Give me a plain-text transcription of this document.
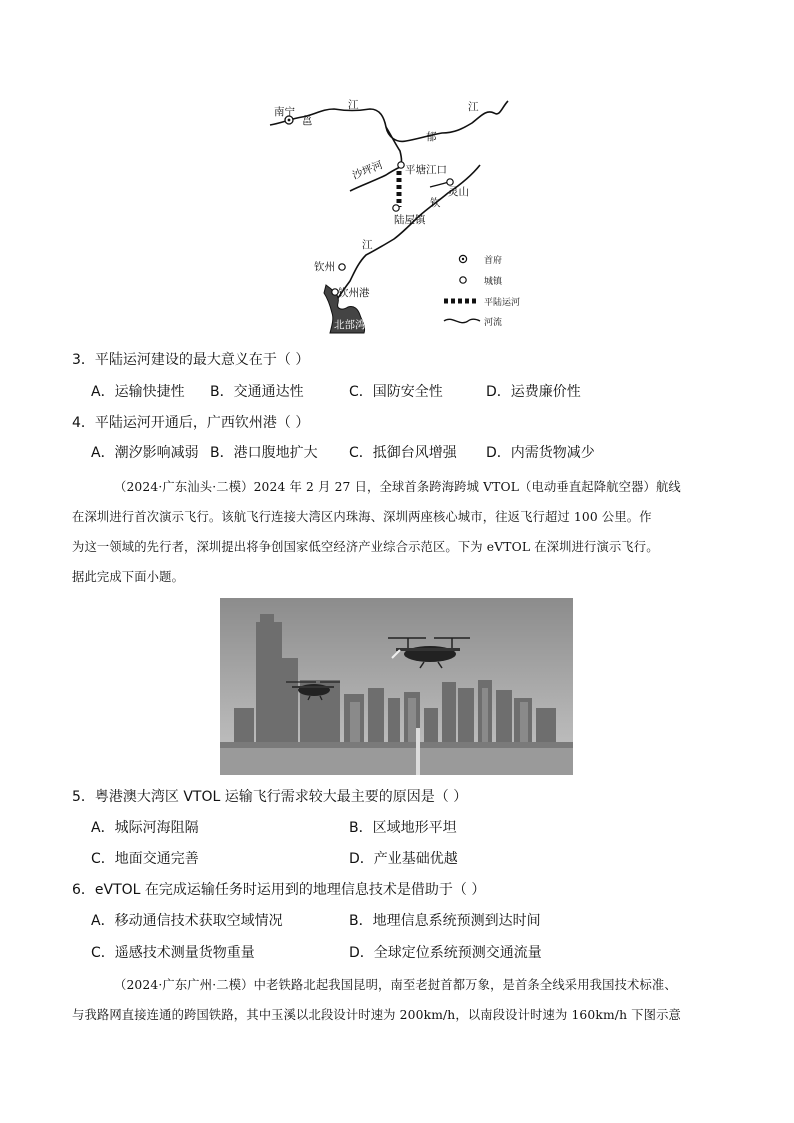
南宁
邕
江	江
郁
沙坪河 平塘江口
灵山
钦
陆屋镇
江
钦州
钦州港
北部湾
首府
城镇
平陆运河
河流
3．平陆运河建设的最大意义在于（ ）
A．运输快捷性 B．交通通达性	C．国防安全性	D．运费廉价性
4．平陆运河开通后，广西钦州港（ ）
A．潮汐影响减弱 B．港口腹地扩大 C．抵御台风增强 D．内需货物减少

（2024·广东汕头·二模）2024 年 2 月 27 日，全球首条跨海跨城 VTOL（电动垂直起降航空器）航线

在深圳进行首次演示飞行。该航飞行连接大湾区内珠海、深圳两座核心城市，往返飞行超过 100 公里。作

为这一领域的先行者，深圳提出将争创国家低空经济产业综合示范区。下为 eVTOL 在深圳进行演示飞行。

据此完成下面小题。

5．粤港澳大湾区 VTOL 运输飞行需求较大最主要的原因是（ ）
A．城际河海阻隔	B．区域地形平坦
C．地面交通完善	D．产业基础优越
6．eVTOL 在完成运输任务时运用到的地理信息技术是借助于（ ）
A．移动通信技术获取空域情况	B．地理信息系统预测到达时间
C．遥感技术测量货物重量	D．全球定位系统预测交通流量

（2024·广东广州·二模）中老铁路北起我国昆明，南至老挝首都万象，是首条全线采用我国技术标准、

与我路网直接连通的跨国铁路，其中玉溪以北段设计时速为 200km/h，以南段设计时速为 160km/h 下图示意
